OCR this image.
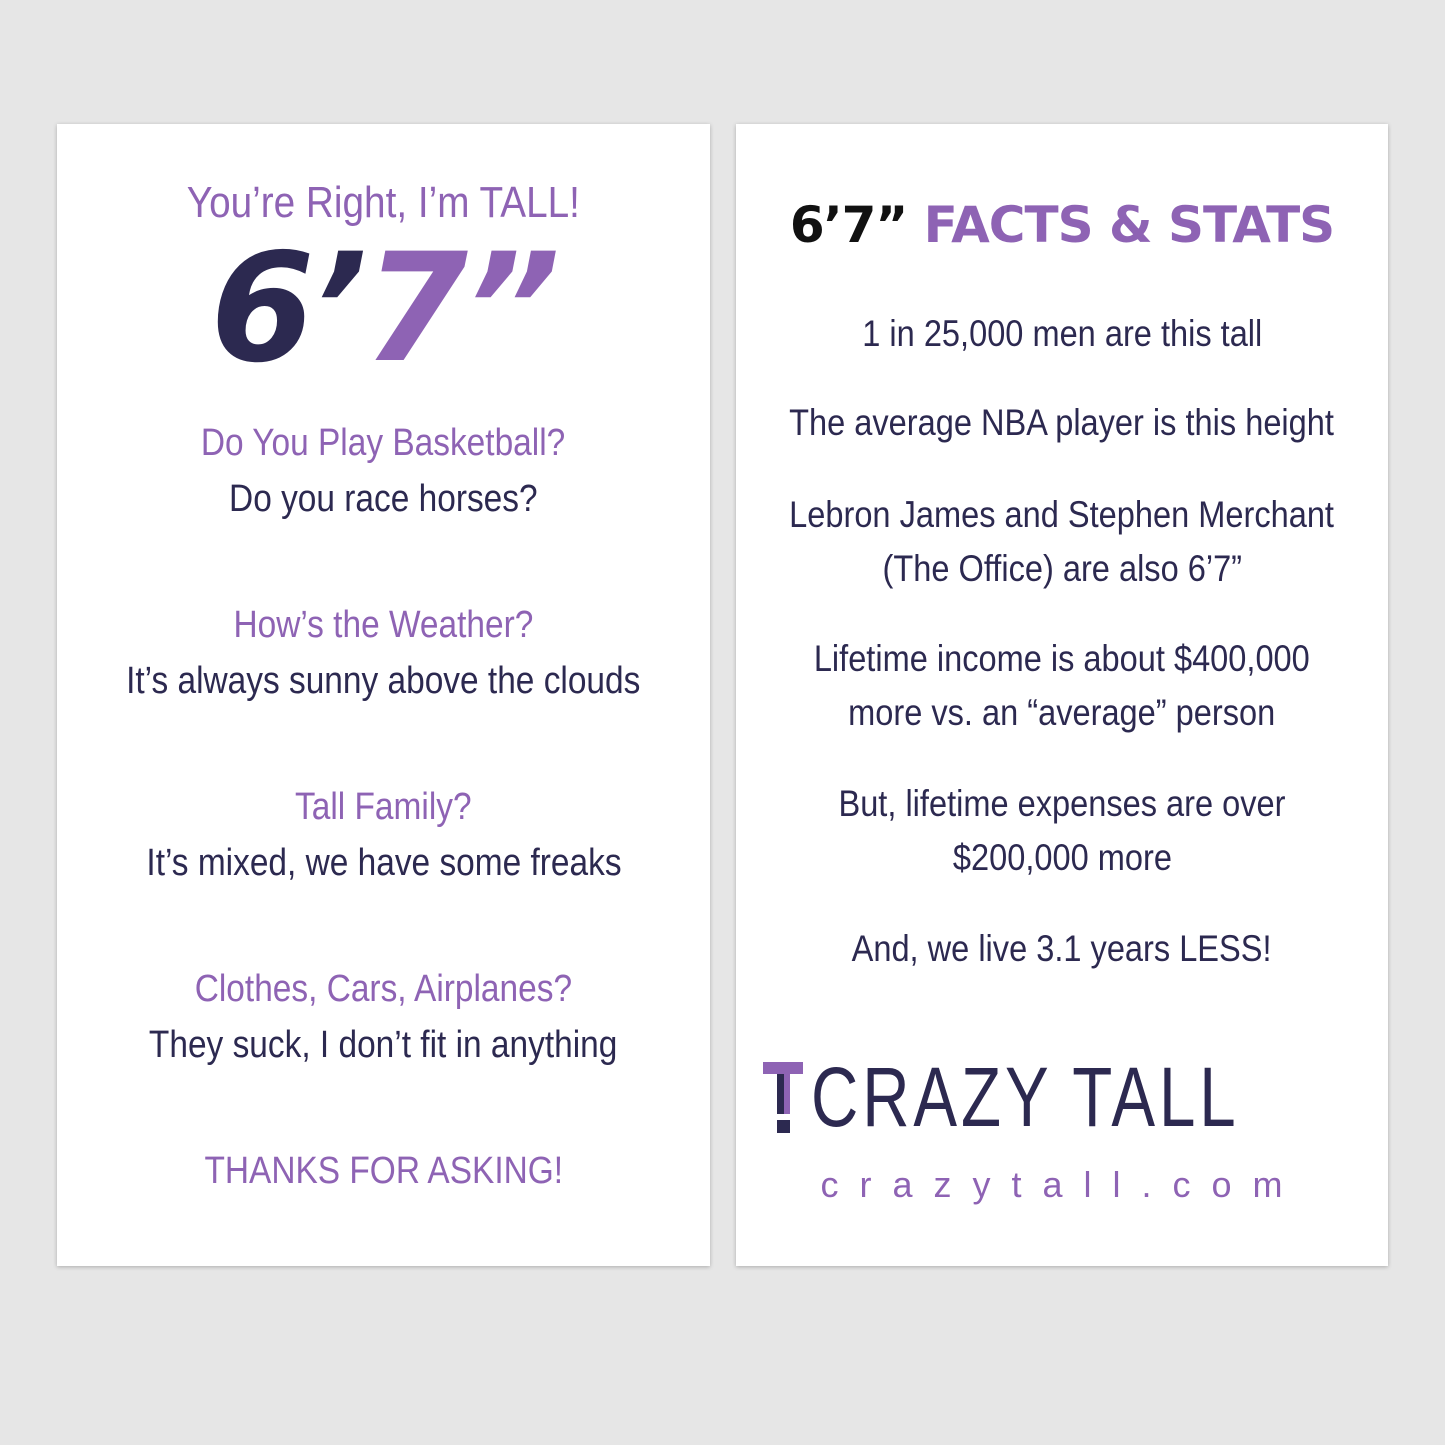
You’re Right, I’m TALL!
6’7”
Do You Play Basketball?
Do you race horses?
How’s the Weather?
It’s always sunny above the clouds
Tall Family?
It’s mixed, we have some freaks
Clothes, Cars, Airplanes?
They suck, I don’t fit in anything
THANKS FOR ASKING!
6’7” FACTS & STATS
1 in 25,000 men are this tall
The average NBA player is this height
Lebron James and Stephen Merchant
(The Office) are also 6’7”
Lifetime income is about $400,000
more vs. an “average” person
But, lifetime expenses are over
$200,000 more
And, we live 3.1 years LESS!
CRAZY TALL
crazytall.com
